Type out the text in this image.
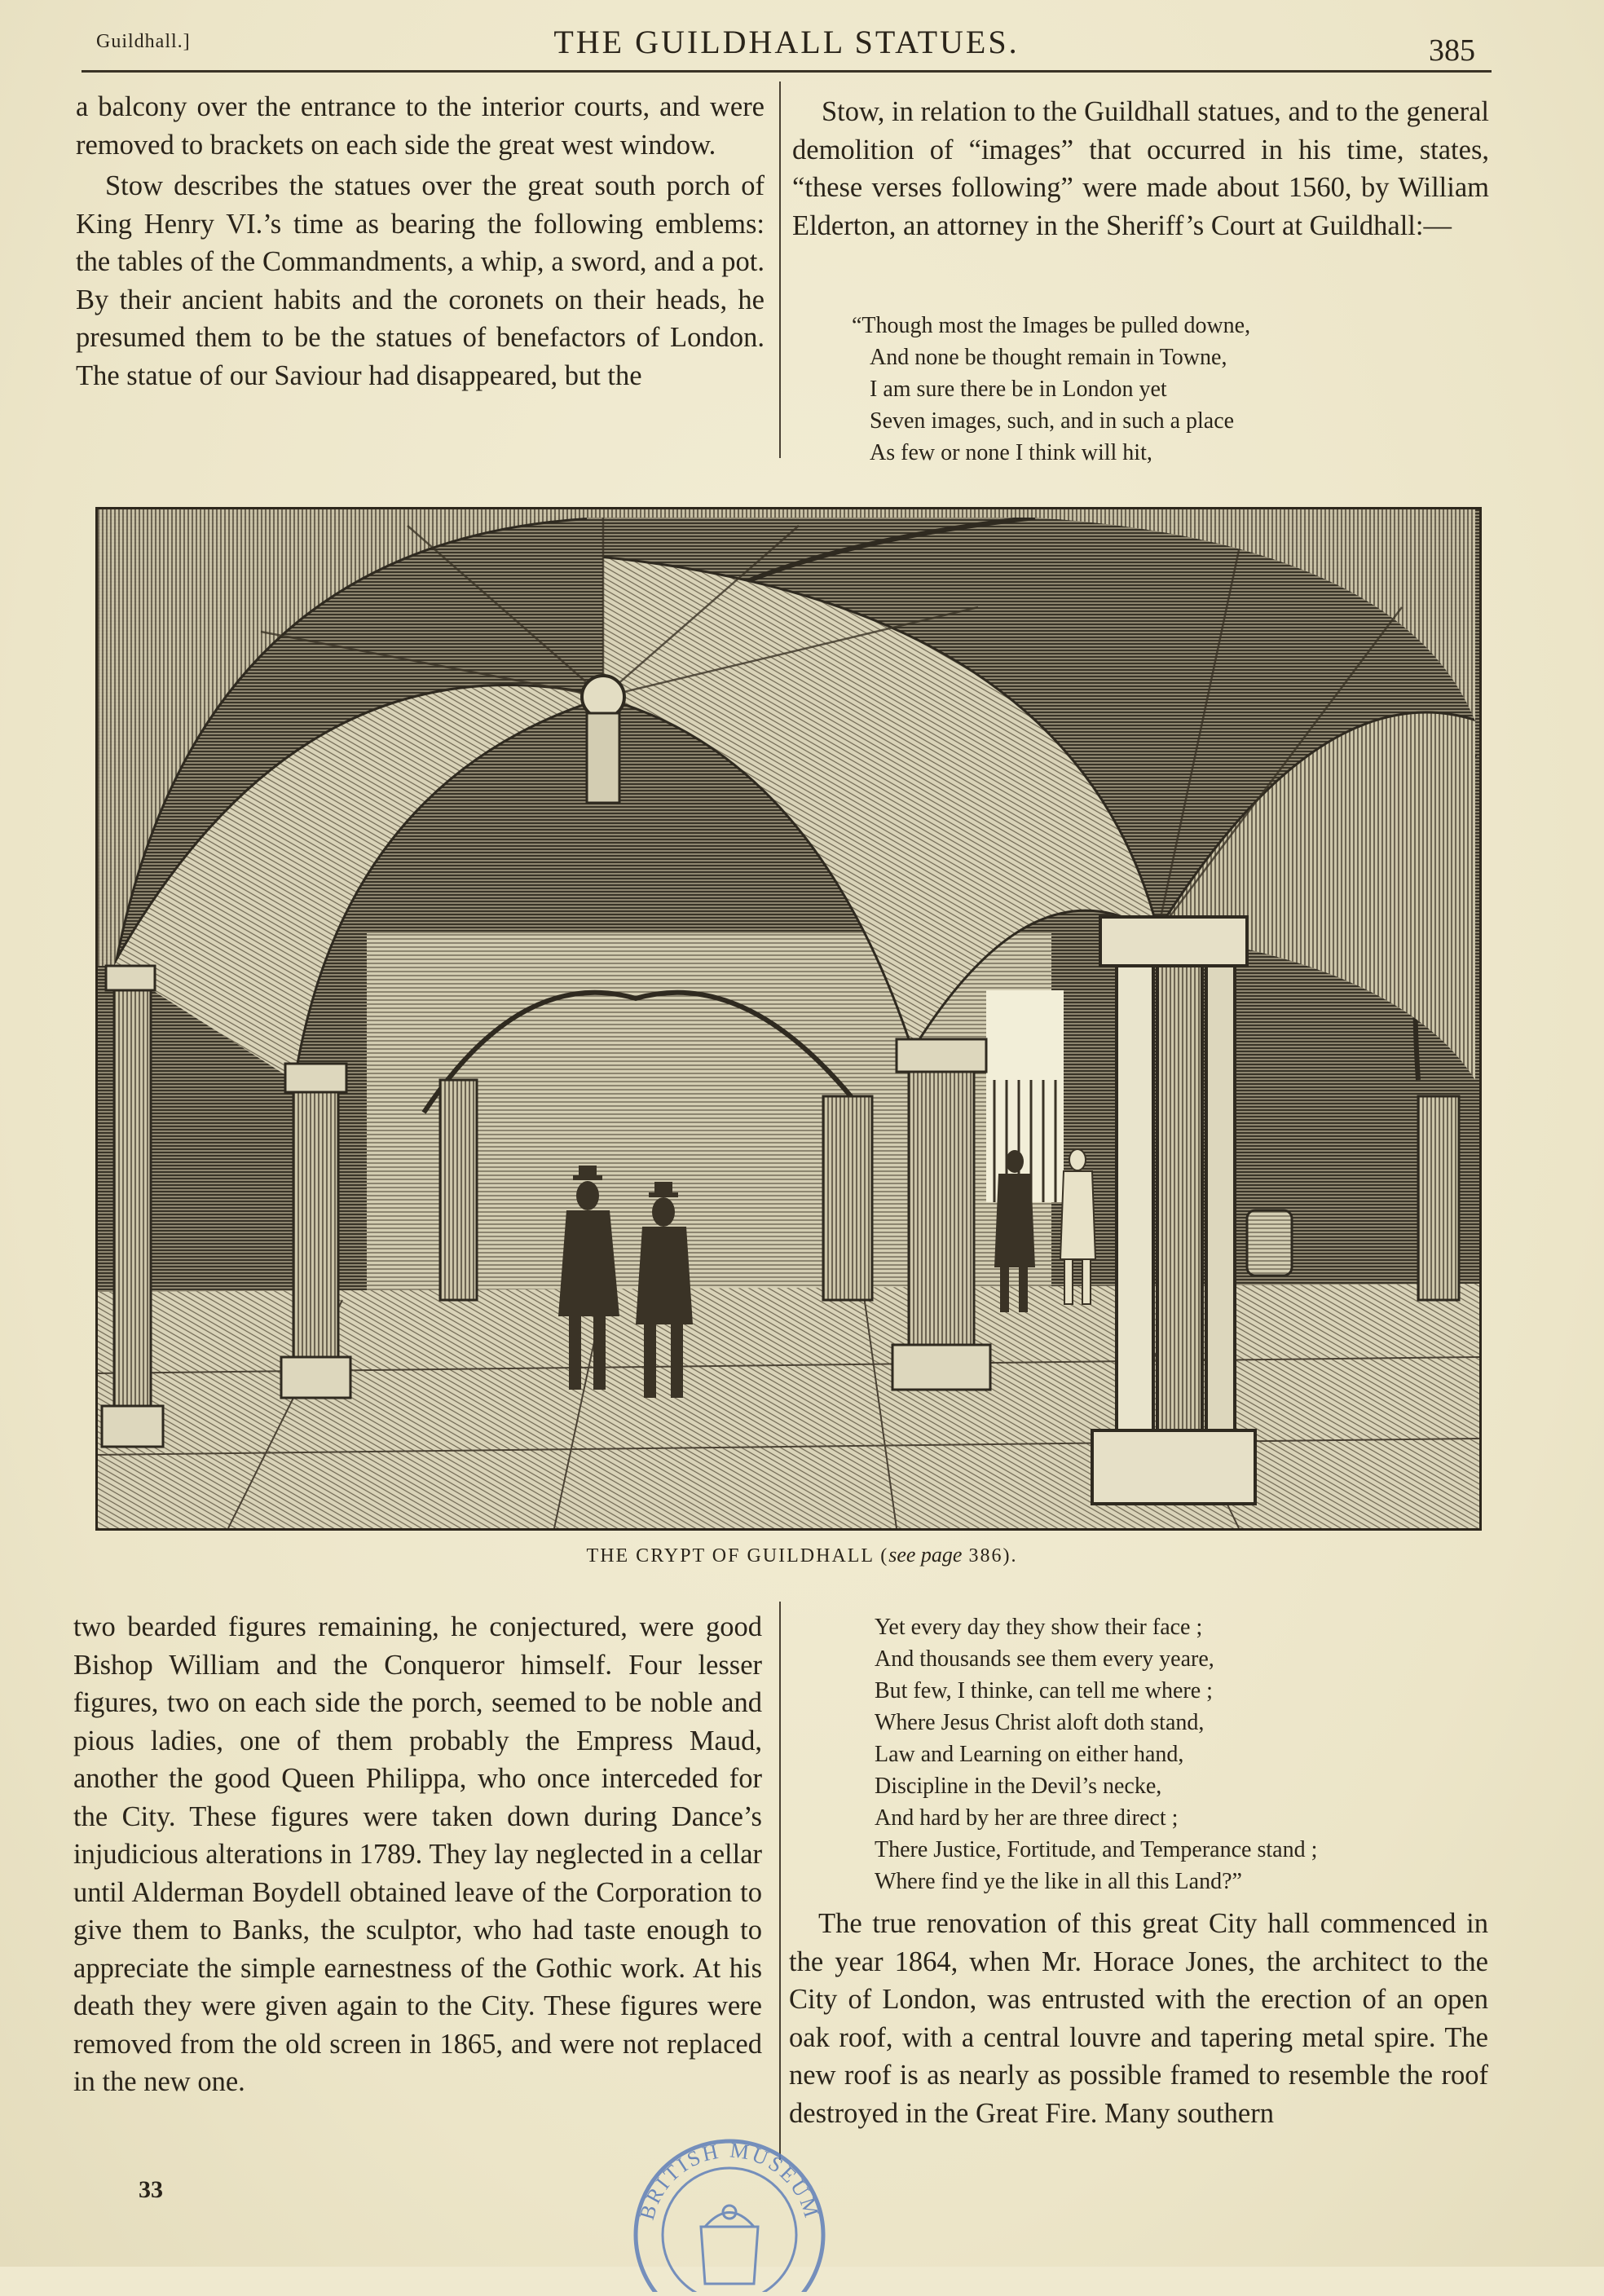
Guildhall.]	THE GUILDHALL STATUES.	385

a balcony over the entrance to the interior courts, and were removed to brackets on each side the great west window.

Stow describes the statues over the great south porch of King Henry VI.’s time as bearing the following emblems: the tables of the Commandments, a whip, a sword, and a pot. By their ancient habits and the coronets on their heads, he presumed them to be the statues of benefactors of London. The statue of our Saviour had disappeared, but the

Stow, in relation to the Guildhall statues, and to the general demolition of “images” that occurred in his time, states, “these verses following” were made about 1560, by William Elderton, an attorney in the Sheriff’s Court at Guildhall:—

“Though most the Images be pulled downe,
And none be thought remain in Towne,
I am sure there be in London yet
Seven images, such, and in such a place
As few or none I think will hit,
THE CRYPT OF GUILDHALL (see page 386).

two bearded figures remaining, he conjectured, were good Bishop William and the Conqueror himself. Four lesser figures, two on each side the porch, seemed to be noble and pious ladies, one of them probably the Empress Maud, another the good Queen Philippa, who once interceded for the City. These figures were taken down during Dance’s injudicious alterations in 1789. They lay neglected in a cellar until Alderman Boydell obtained leave of the Corporation to give them to Banks, the sculptor, who had taste enough to appreciate the simple earnestness of the Gothic work. At his death they were given again to the City. These figures were removed from the old screen in 1865, and were not replaced in the new one.

Yet every day they show their face ;
And thousands see them every yeare,
But few, I thinke, can tell me where ;
Where Jesus Christ aloft doth stand,
Law and Learning on either hand,
Discipline in the Devil’s necke,
And hard by her are three direct ;
There Justice, Fortitude, and Temperance stand ;
Where find ye the like in all this Land?”

The true renovation of this great City hall commenced in the year 1864, when Mr. Horace Jones, the architect to the City of London, was entrusted with the erection of an open oak roof, with a central louvre and tapering metal spire. The new roof is as nearly as possible framed to resemble the roof destroyed in the Great Fire. Many southern

33
BRITISH MUSEUM
